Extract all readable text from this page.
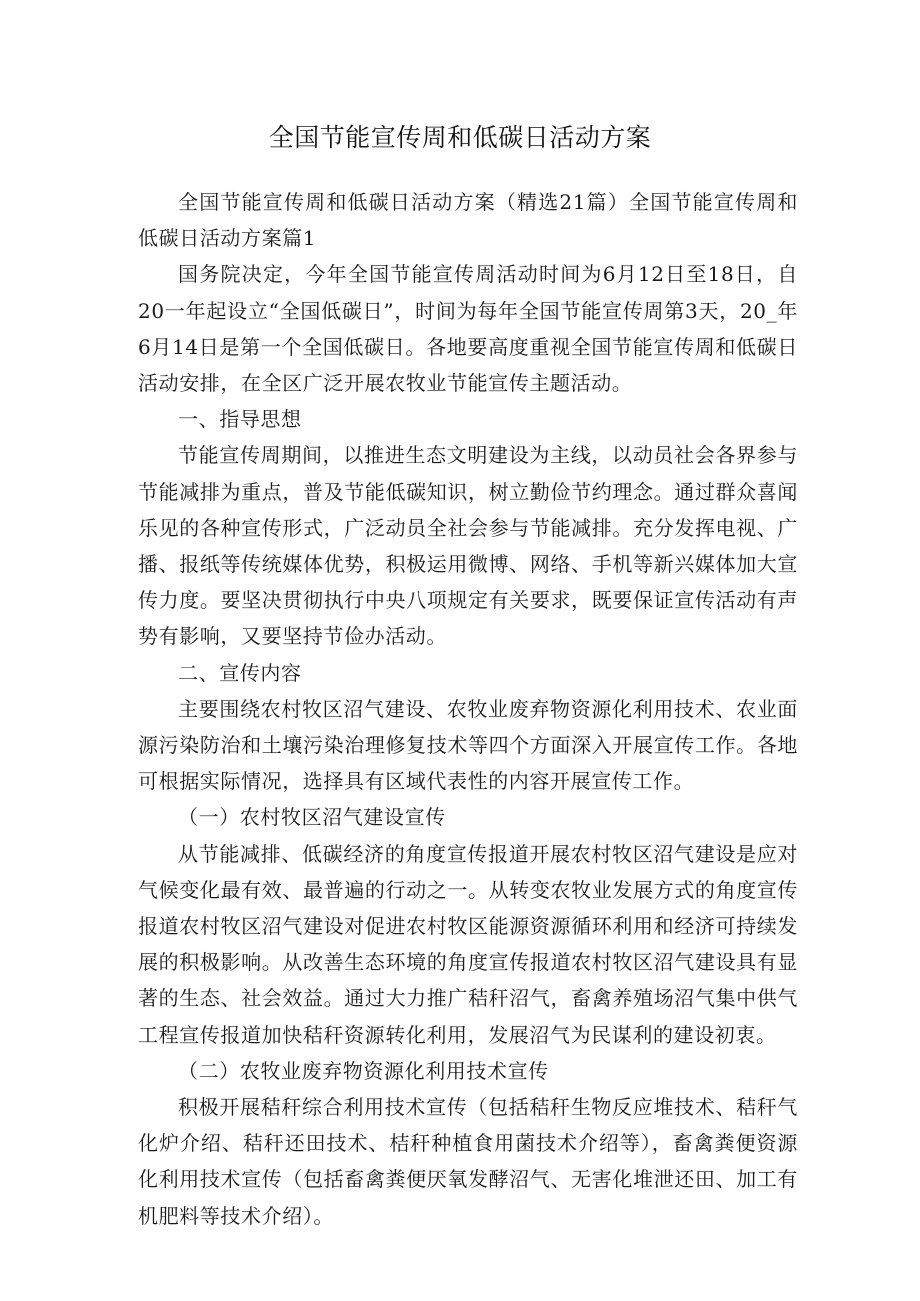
全国节能宣传周和低碳日活动方案

全国节能宣传周和低碳日活动方案（精选21篇）全国节能宣传周和低碳日活动方案篇1

国务院决定，今年全国节能宣传周活动时间为6月12日至18日，自20一年起设立“全国低碳日”，时间为每年全国节能宣传周第3天，20_年6月14日是第一个全国低碳日。各地要高度重视全国节能宣传周和低碳日活动安排，在全区广泛开展农牧业节能宣传主题活动。

一、指导思想

节能宣传周期间，以推进生态文明建设为主线，以动员社会各界参与节能减排为重点，普及节能低碳知识，树立勤俭节约理念。通过群众喜闻乐见的各种宣传形式，广泛动员全社会参与节能减排。充分发挥电视、广播、报纸等传统媒体优势，积极运用微博、网络、手机等新兴媒体加大宣传力度。要坚决贯彻执行中央八项规定有关要求，既要保证宣传活动有声势有影响，又要坚持节俭办活动。

二、宣传内容

主要围绕农村牧区沼气建设、农牧业废弃物资源化利用技术、农业面源污染防治和土壤污染治理修复技术等四个方面深入开展宣传工作。各地可根据实际情况，选择具有区域代表性的内容开展宣传工作。

（一）农村牧区沼气建设宣传

从节能减排、低碳经济的角度宣传报道开展农村牧区沼气建设是应对气候变化最有效、最普遍的行动之一。从转变农牧业发展方式的角度宣传报道农村牧区沼气建设对促进农村牧区能源资源循环利用和经济可持续发展的积极影响。从改善生态环境的角度宣传报道农村牧区沼气建设具有显著的生态、社会效益。通过大力推广秸秆沼气，畜禽养殖场沼气集中供气工程宣传报道加快秸秆资源转化利用，发展沼气为民谋利的建设初衷。

（二）农牧业废弃物资源化利用技术宣传

积极开展秸秆综合利用技术宣传（包括秸秆生物反应堆技术、秸秆气化炉介绍、秸秆还田技术、桔秆种植食用菌技术介绍等），畜禽粪便资源化利用技术宣传（包括畜禽粪便厌氧发酵沼气、无害化堆泄还田、加工有机肥料等技术介绍）。
